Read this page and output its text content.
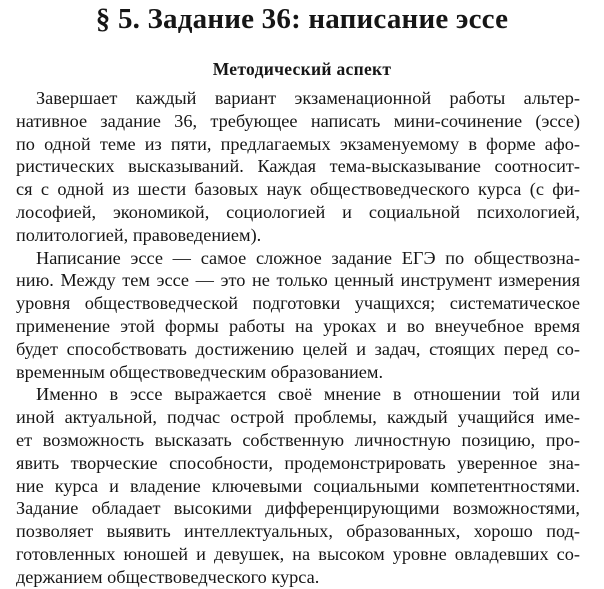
§ 5. Задание 36: написание эссе
Методический аспект
Завершает каждый вариант экзаменационной работы альтер-
нативное задание 36, требующее написать мини-сочинение (эссе)
по одной теме из пяти, предлагаемых экзаменуемому в форме афо-
ристических высказываний. Каждая тема-высказывание соотносит-
ся с одной из шести базовых наук обществоведческого курса (с фи-
лософией, экономикой, социологией и социальной психологией,
политологией, правоведением).
Написание эссе — самое сложное задание ЕГЭ по обществозна-
нию. Между тем эссе — это не только ценный инструмент измерения
уровня обществоведческой подготовки учащихся; систематическое
применение этой формы работы на уроках и во внеучебное время
будет способствовать достижению целей и задач, стоящих перед со-
временным обществоведческим образованием.
Именно в эссе выражается своё мнение в отношении той или
иной актуальной, подчас острой проблемы, каждый учащийся име-
ет возможность высказать собственную личностную позицию, про-
явить творческие способности, продемонстрировать уверенное зна-
ние курса и владение ключевыми социальными компетентностями.
Задание обладает высокими дифференцирующими возможностями,
позволяет выявить интеллектуальных, образованных, хорошо под-
готовленных юношей и девушек, на высоком уровне овладевших со-
держанием обществоведческого курса.
